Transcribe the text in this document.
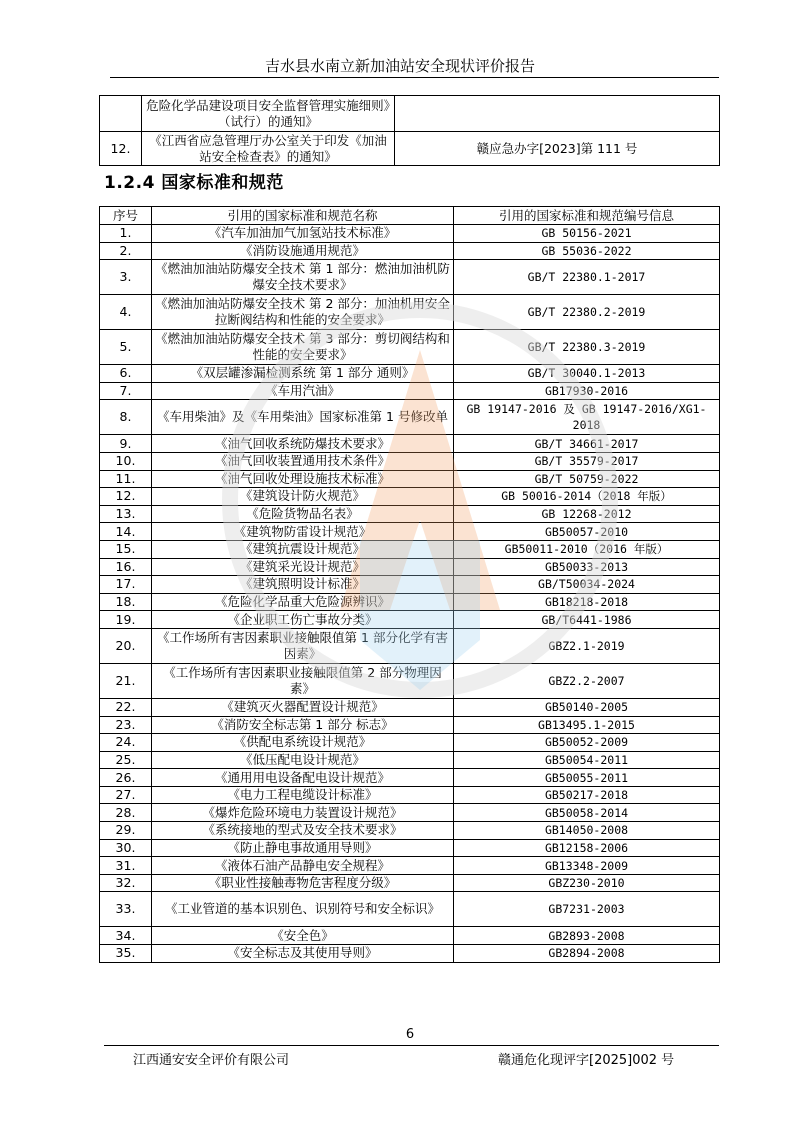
吉水县水南立新加油站安全现状评价报告
	危险化学品建设项目安全监督管理实施细则》（试行）的通知》	
12.	《江西省应急管理厅办公室关于印发《加油站安全检查表》的通知》	赣应急办字[2023]第 111 号
1.2.4 国家标准和规范
序号	引用的国家标准和规范名称	引用的国家标准和规范编号信息
1.	《汽车加油加气加氢站技术标准》	GB 50156-2021
2.	《消防设施通用规范》	GB 55036-2022
3.	《燃油加油站防爆安全技术 第 1 部分：燃油加油机防爆安全技术要求》	GB/T 22380.1-2017
4.	《燃油加油站防爆安全技术 第 2 部分：加油机用安全拉断阀结构和性能的安全要求》	GB/T 22380.2-2019
5.	《燃油加油站防爆安全技术 第 3 部分：剪切阀结构和性能的安全要求》	GB/T 22380.3-2019
6.	《双层罐渗漏检测系统 第 1 部分 通则》	GB/T 30040.1-2013
7.	《车用汽油》	GB17930-2016
8.	《车用柴油》及《车用柴油》国家标准第 1 号修改单	GB 19147-2016 及 GB 19147-2016/XG1-2018
9.	《油气回收系统防爆技术要求》	GB/T 34661-2017
10.	《油气回收装置通用技术条件》	GB/T 35579-2017
11.	《油气回收处理设施技术标准》	GB/T 50759-2022
12.	《建筑设计防火规范》	GB 50016-2014（2018 年版）
13.	《危险货物品名表》	GB 12268-2012
14.	《建筑物防雷设计规范》	GB50057-2010
15.	《建筑抗震设计规范》	GB50011-2010（2016 年版）
16.	《建筑采光设计规范》	GB50033-2013
17.	《建筑照明设计标准》	GB/T50034-2024
18.	《危险化学品重大危险源辨识》	GB18218-2018
19.	《企业职工伤亡事故分类》	GB/T6441-1986
20.	《工作场所有害因素职业接触限值第 1 部分化学有害因素》	GBZ2.1-2019
21.	《工作场所有害因素职业接触限值第 2 部分物理因素》	GBZ2.2-2007
22.	《建筑灭火器配置设计规范》	GB50140-2005
23.	《消防安全标志第 1 部分 标志》	GB13495.1-2015
24.	《供配电系统设计规范》	GB50052-2009
25.	《低压配电设计规范》	GB50054-2011
26.	《通用用电设备配电设计规范》	GB50055-2011
27.	《电力工程电缆设计标准》	GB50217-2018
28.	《爆炸危险环境电力装置设计规范》	GB50058-2014
29.	《系统接地的型式及安全技术要求》	GB14050-2008
30.	《防止静电事故通用导则》	GB12158-2006
31.	《液体石油产品静电安全规程》	GB13348-2009
32.	《职业性接触毒物危害程度分级》	GBZ230-2010
33.	《工业管道的基本识别色、识别符号和安全标识》	GB7231-2003
34.	《安全色》	GB2893-2008
35.	《安全标志及其使用导则》	GB2894-2008
6
江西通安安全评价有限公司	赣通危化现评字[2025]002 号
